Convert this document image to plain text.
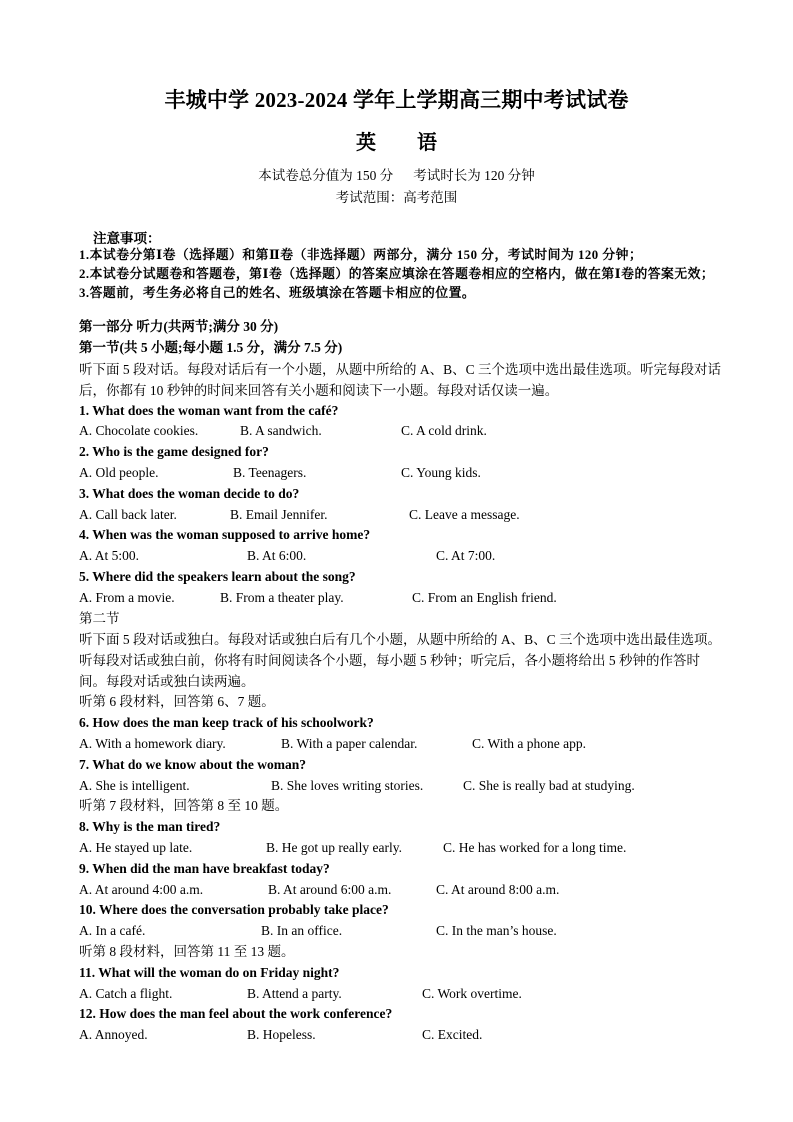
丰城中学 2023-2024 学年上学期高三期中考试试卷
英 语
本试卷总分值为 150 分 考试时长为 120 分钟
考试范围：高考范围
注意事项：
1.本试卷分第Ⅰ卷（选择题）和第Ⅱ卷（非选择题）两部分，满分 150 分，考试时间为 120 分钟；
2.本试卷分试题卷和答题卷，第Ⅰ卷（选择题）的答案应填涂在答题卷相应的空格内，做在第Ⅰ卷的答案无效；
3.答题前，考生务必将自己的姓名、班级填涂在答题卡相应的位置。
第一部分 听力(共两节;满分 30 分)
第一节(共 5 小题;每小题 1.5 分，满分 7.5 分)
听下面 5 段对话。每段对话后有一个小题，从题中所给的 A、B、C 三个选项中选出最佳选项。听完每段对话后，你都有 10 秒钟的时间来回答有关小题和阅读下一小题。每段对话仅读一遍。
1. What does the woman want from the café?
A. Chocolate cookies.	B. A sandwich.	C. A cold drink.
2. Who is the game designed for?
A. Old people.	B. Teenagers.	C. Young kids.
3. What does the woman decide to do?
A. Call back later.	B. Email Jennifer.	C. Leave a message.
4. When was the woman supposed to arrive home?
A. At 5:00.	B. At 6:00.	C. At 7:00.
5. Where did the speakers learn about the song?
A. From a movie.	B. From a theater play.	C. From an English friend.
第二节
听下面 5 段对话或独白。每段对话或独白后有几个小题，从题中所给的 A、B、C 三个选项中选出最佳选项。听每段对话或独白前，你将有时间阅读各个小题，每小题 5 秒钟；听完后，各小题将给出 5 秒钟的作答时间。每段对话或独白读两遍。
听第 6 段材料，回答第 6、7 题。
6. How does the man keep track of his schoolwork?
A. With a homework diary.	B. With a paper calendar.	C. With a phone app.
7. What do we know about the woman?
A. She is intelligent.	B. She loves writing stories.	C. She is really bad at studying.
听第 7 段材料，回答第 8 至 10 题。
8. Why is the man tired?
A. He stayed up late.	B. He got up really early.	C. He has worked for a long time.
9. When did the man have breakfast today?
A. At around 4:00 a.m.	B. At around 6:00 a.m.	C. At around 8:00 a.m.
10. Where does the conversation probably take place?
A. In a café.	B. In an office.	C. In the man’s house.
听第 8 段材料，回答第 11 至 13 题。
11. What will the woman do on Friday night?
A. Catch a flight.	B. Attend a party.	C. Work overtime.
12. How does the man feel about the work conference?
A. Annoyed.	B. Hopeless.	C. Excited.
